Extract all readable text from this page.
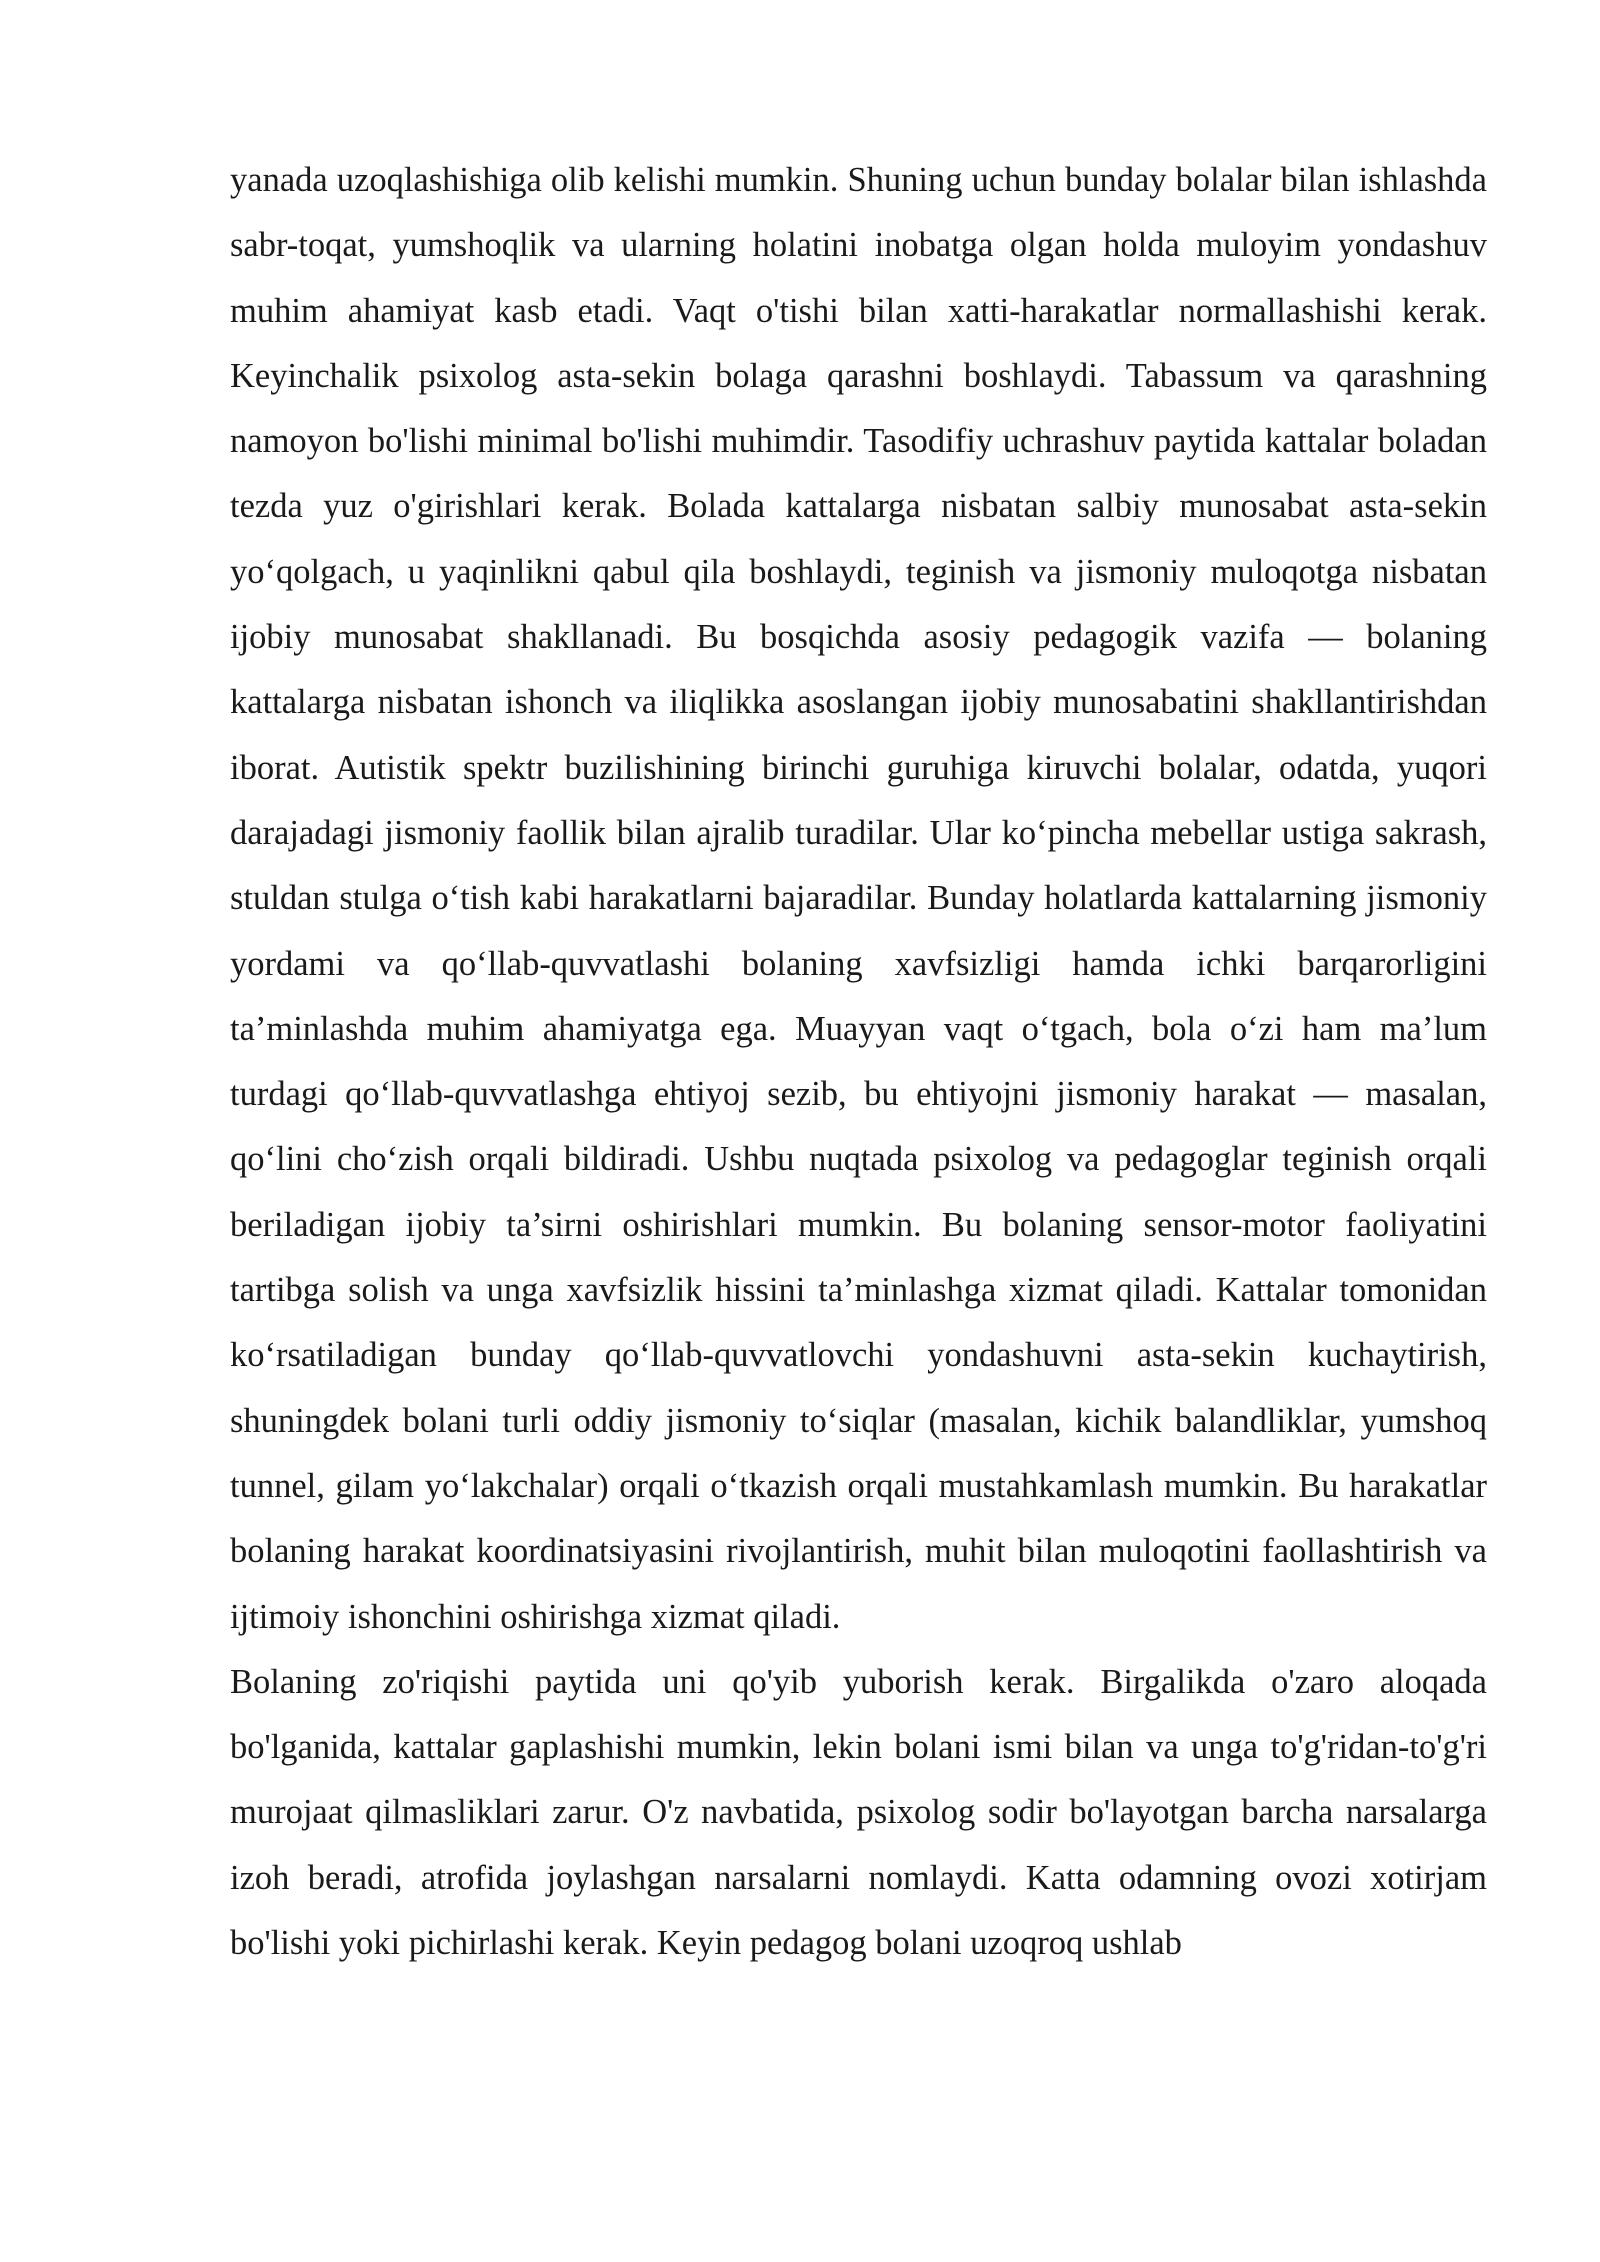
yanada uzoqlashishiga olib kelishi mumkin. Shuning uchun bunday bolalar bilan ishlashda sabr-toqat, yumshoqlik va ularning holatini inobatga olgan holda muloyim yondashuv muhim ahamiyat kasb etadi. Vaqt o'tishi bilan xatti-harakatlar normallashishi kerak. Keyinchalik psixolog asta-sekin bolaga qarashni boshlaydi. Tabassum va qarashning namoyon bo'lishi minimal bo'lishi muhimdir. Tasodifiy uchrashuv paytida kattalar boladan tezda yuz o'girishlari kerak. Bolada kattalarga nisbatan salbiy munosabat asta-sekin yo‘qolgach, u yaqinlikni qabul qila boshlaydi, teginish va jismoniy muloqotga nisbatan ijobiy munosabat shakllanadi. Bu bosqichda asosiy pedagogik vazifa — bolaning kattalarga nisbatan ishonch va iliqlikka asoslangan ijobiy munosabatini shakllantirishdan iborat. Autistik spektr buzilishining birinchi guruhiga kiruvchi bolalar, odatda, yuqori darajadagi jismoniy faollik bilan ajralib turadilar. Ular ko‘pincha mebellar ustiga sakrash, stuldan stulga o‘tish kabi harakatlarni bajaradilar. Bunday holatlarda kattalarning jismoniy yordami va qo‘llab-quvvatlashi bolaning xavfsizligi hamda ichki barqarorligini ta’minlashda muhim ahamiyatga ega. Muayyan vaqt o‘tgach, bola o‘zi ham ma’lum turdagi qo‘llab-quvvatlashga ehtiyoj sezib, bu ehtiyojni jismoniy harakat — masalan, qo‘lini cho‘zish orqali bildiradi. Ushbu nuqtada psixolog va pedagoglar teginish orqali beriladigan ijobiy ta’sirni oshirishlari mumkin. Bu bolaning sensor-motor faoliyatini tartibga solish va unga xavfsizlik hissini ta’minlashga xizmat qiladi. Kattalar tomonidan ko‘rsatiladigan bunday qo‘llab-quvvatlovchi yondashuvni asta-sekin kuchaytirish, shuningdek bolani turli oddiy jismoniy to‘siqlar (masalan, kichik balandliklar, yumshoq tunnel, gilam yo‘lakchalar) orqali o‘tkazish orqali mustahkamlash mumkin. Bu harakatlar bolaning harakat koordinatsiyasini rivojlantirish, muhit bilan muloqotini faollashtirish va ijtimoiy ishonchini oshirishga xizmat qiladi.

Bolaning zo'riqishi paytida uni qo'yib yuborish kerak. Birgalikda o'zaro aloqada bo'lganida, kattalar gaplashishi mumkin, lekin bolani ismi bilan va unga to'g'ridan-to'g'ri murojaat qilmasliklari zarur. O'z navbatida, psixolog sodir bo'layotgan barcha narsalarga izoh beradi, atrofida joylashgan narsalarni nomlaydi. Katta odamning ovozi xotirjam bo'lishi yoki pichirlashi kerak. Keyin pedagog bolani uzoqroq ushlab
